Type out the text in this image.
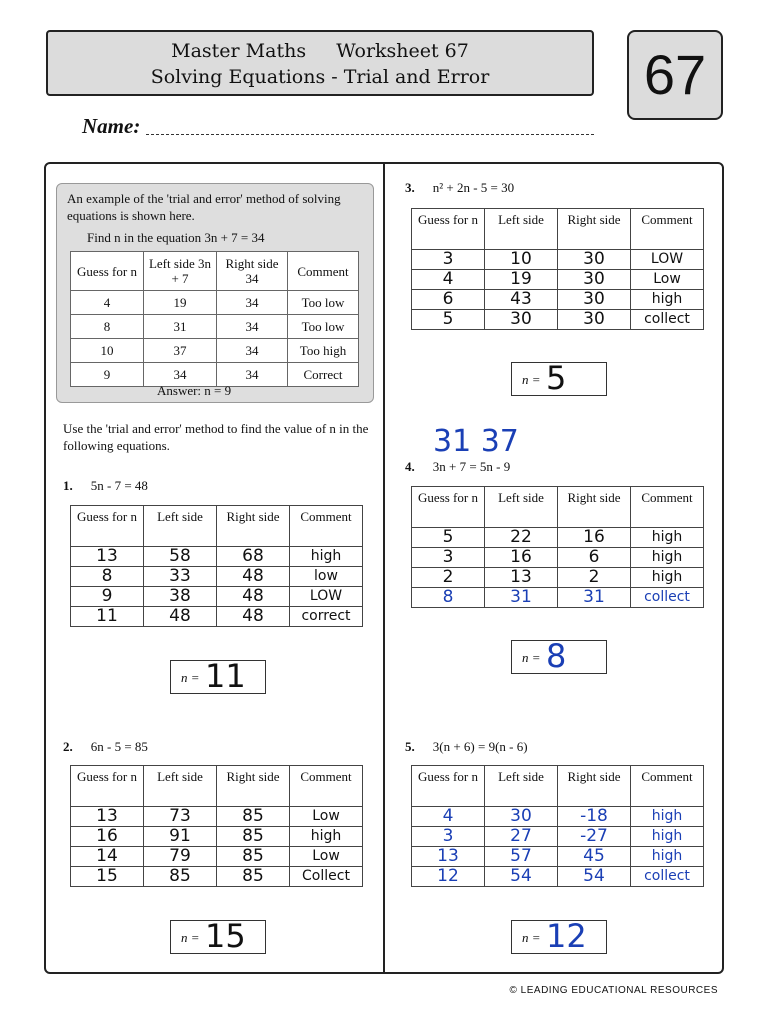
Master Maths     Worksheet 67
Solving Equations - Trial and Error	67
Name:
An example of the 'trial and error' method of solving equations is shown here.
Find n in the equation 3n + 7 = 34
Guess for n	Left side 3n + 7	Right side 34	Comment
4	19	34	Too low
8	31	34	Too low
10	37	34	Too high
9	34	34	Correct
Answer: n = 9
Use the 'trial and error' method to find the value of n in the following equations.	31 37
1. 5n - 7 = 48
Guess for n	Left side	Right side	Comment
13	58	68	high
8	33	48	low
9	38	48	LOW
11	48	48	correct
n = 11
2. 6n - 5 = 85
Guess for n	Left side	Right side	Comment
13	73	85	Low
16	91	85	high
14	79	85	Low
15	85	85	Collect
n = 15
3. n² + 2n - 5 = 30
Guess for n	Left side	Right side	Comment
3	10	30	LOW
4	19	30	Low
6	43	30	high
5	30	30	collect
n = 5
4. 3n + 7 = 5n - 9
Guess for n	Left side	Right side	Comment
5	22	16	high
3	16	6	high
2	13	2	high
8	31	31	collect
n = 8
5. 3(n + 6) = 9(n - 6)
Guess for n	Left side	Right side	Comment
4	30	-18	high
3	27	-27	high
13	57	45	high
12	54	54	collect
n = 12
© LEADING EDUCATIONAL RESOURCES
